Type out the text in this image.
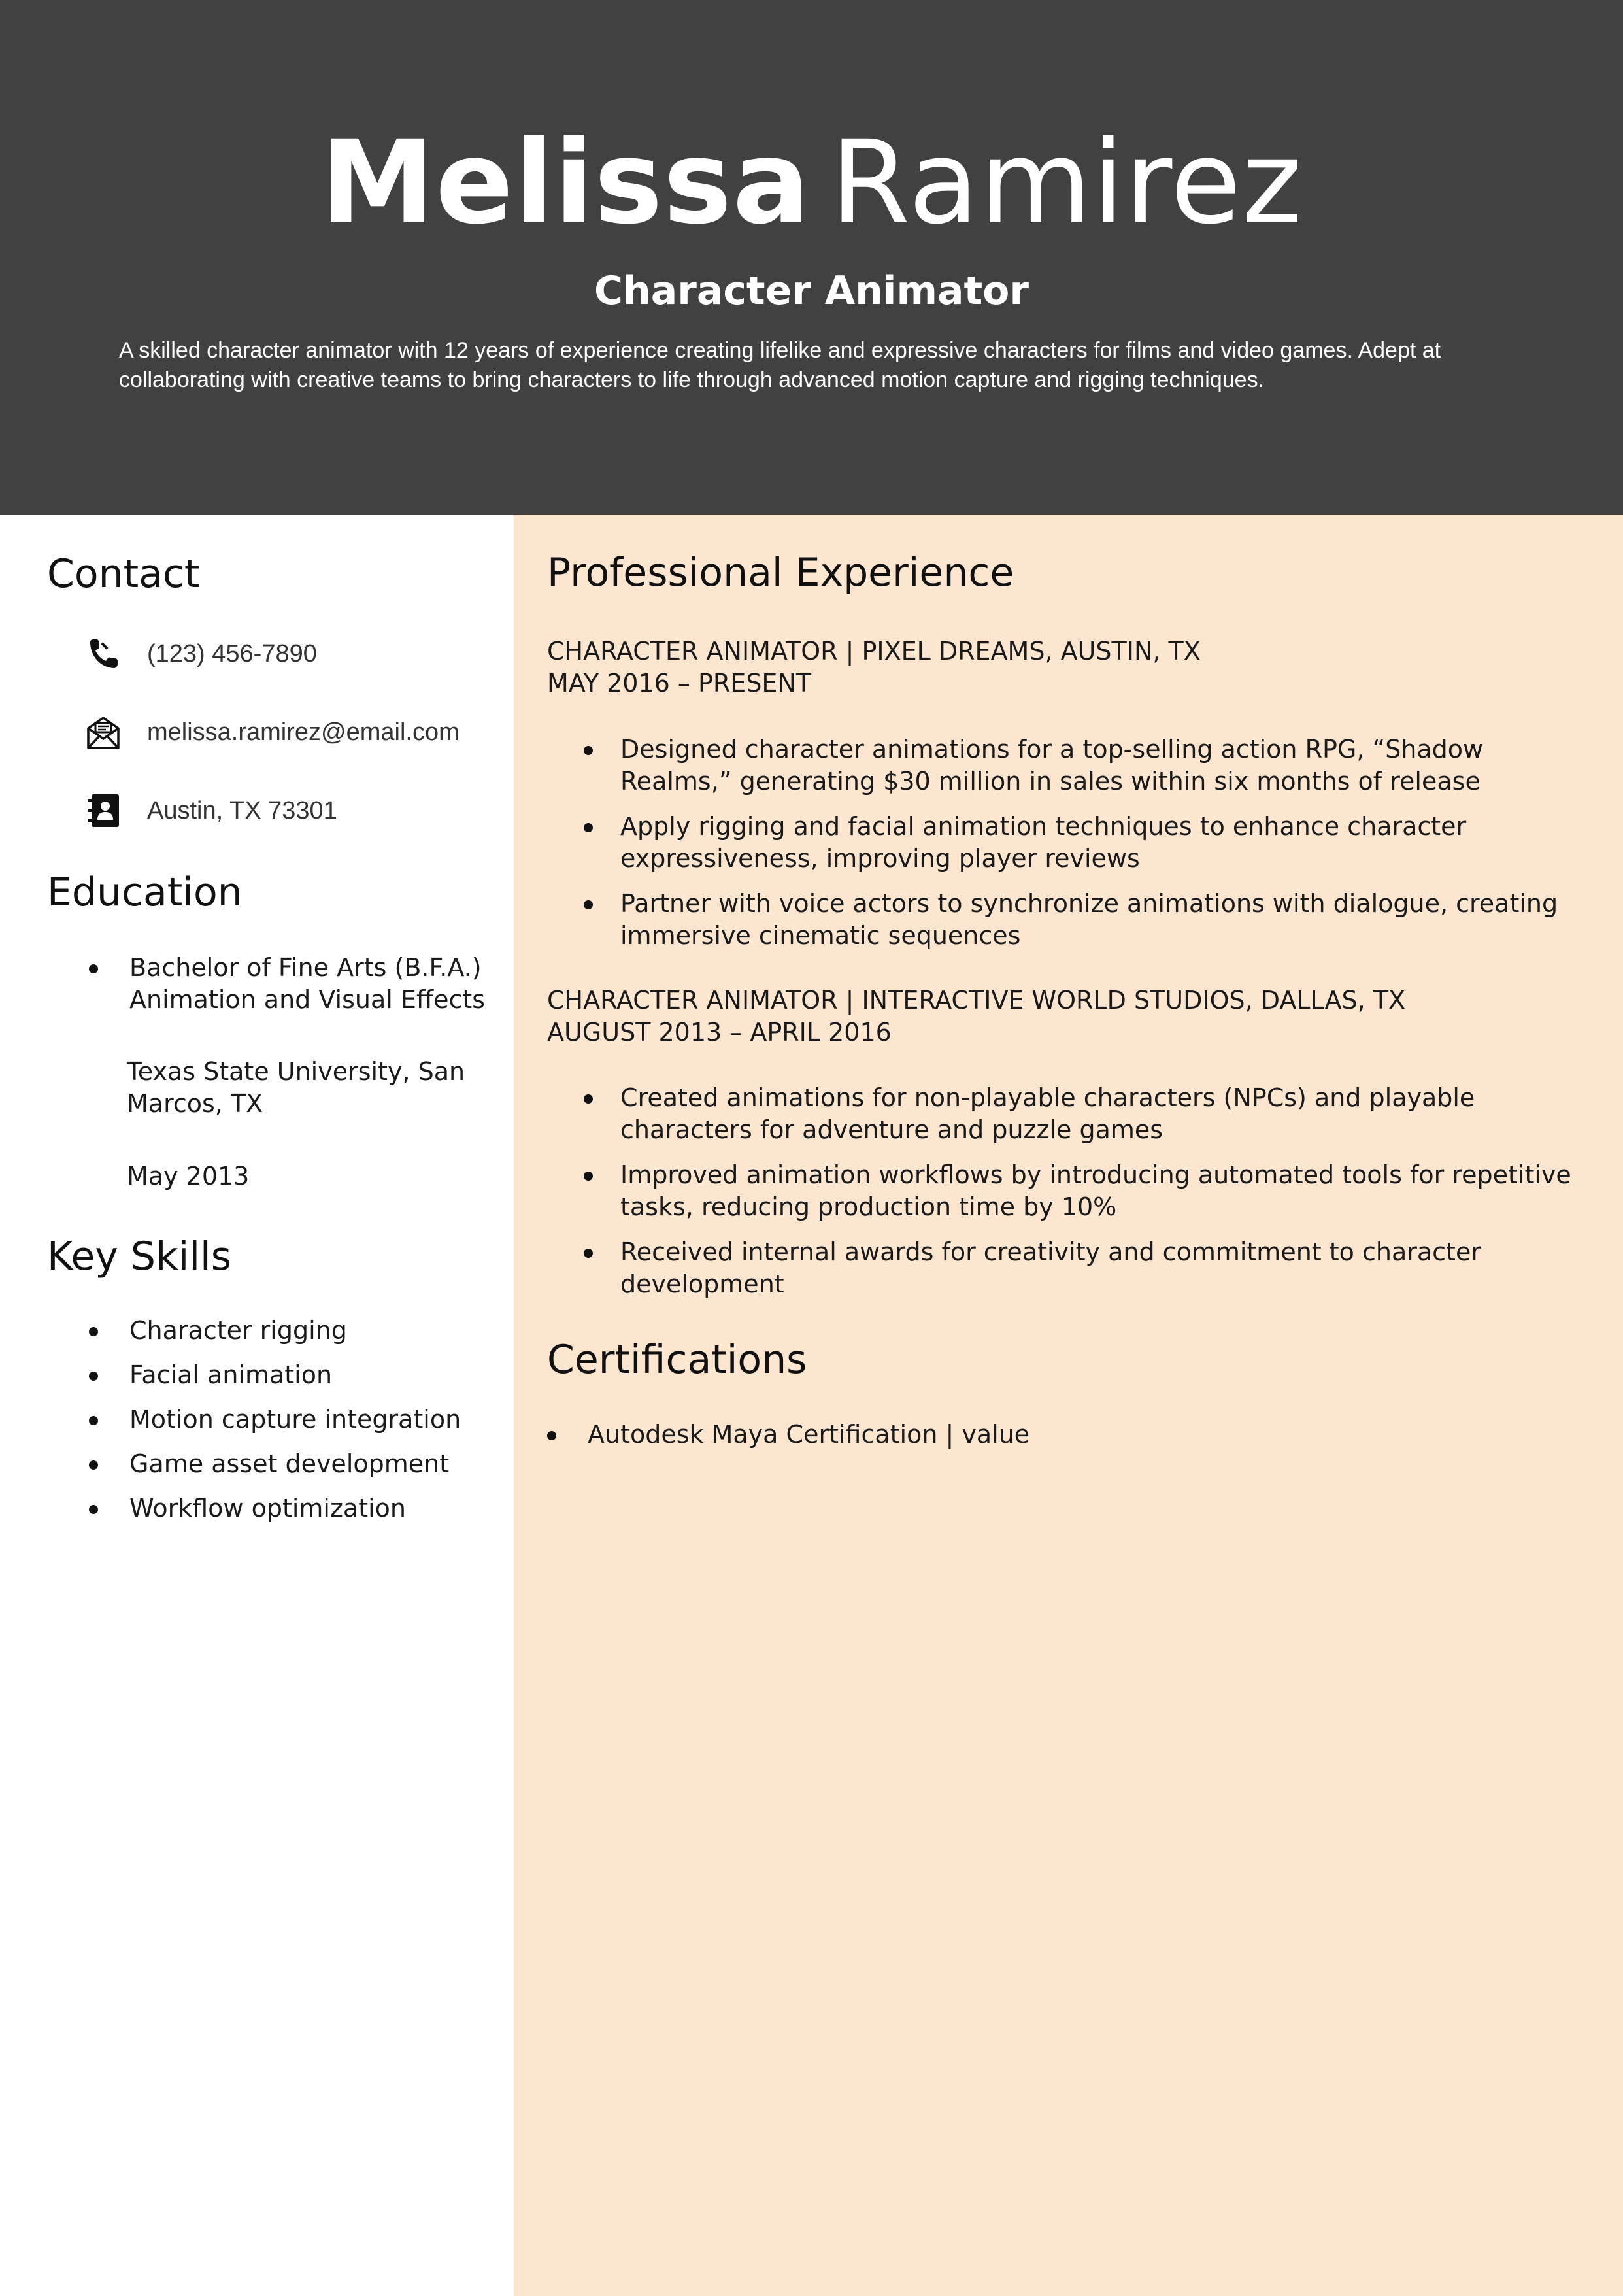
Melissa Ramirez
Character Animator
A skilled character animator with 12 years of experience creating lifelike and expressive characters for films and video games. Adept at collaborating with creative teams to bring characters to life through advanced motion capture and rigging techniques.
Contact
(123) 456-7890
melissa.ramirez@email.com
Austin, TX 73301
Education
Bachelor of Fine Arts (B.F.A.) Animation and Visual Effects
Texas State University, San Marcos, TX
May 2013
Key Skills
Character rigging
Facial animation
Motion capture integration
Game asset development
Workflow optimization
Professional Experience
CHARACTER ANIMATOR | PIXEL DREAMS, AUSTIN, TX
MAY 2016 – PRESENT
Designed character animations for a top-selling action RPG, “Shadow Realms,” generating $30 million in sales within six months of release
Apply rigging and facial animation techniques to enhance character expressiveness, improving player reviews
Partner with voice actors to synchronize animations with dialogue, creating immersive cinematic sequences
CHARACTER ANIMATOR | INTERACTIVE WORLD STUDIOS, DALLAS, TX
AUGUST 2013 – APRIL 2016
Created animations for non-playable characters (NPCs) and playable characters for adventure and puzzle games
Improved animation workflows by introducing automated tools for repetitive tasks, reducing production time by 10%
Received internal awards for creativity and commitment to character development
Certifications
Autodesk Maya Certification | value
